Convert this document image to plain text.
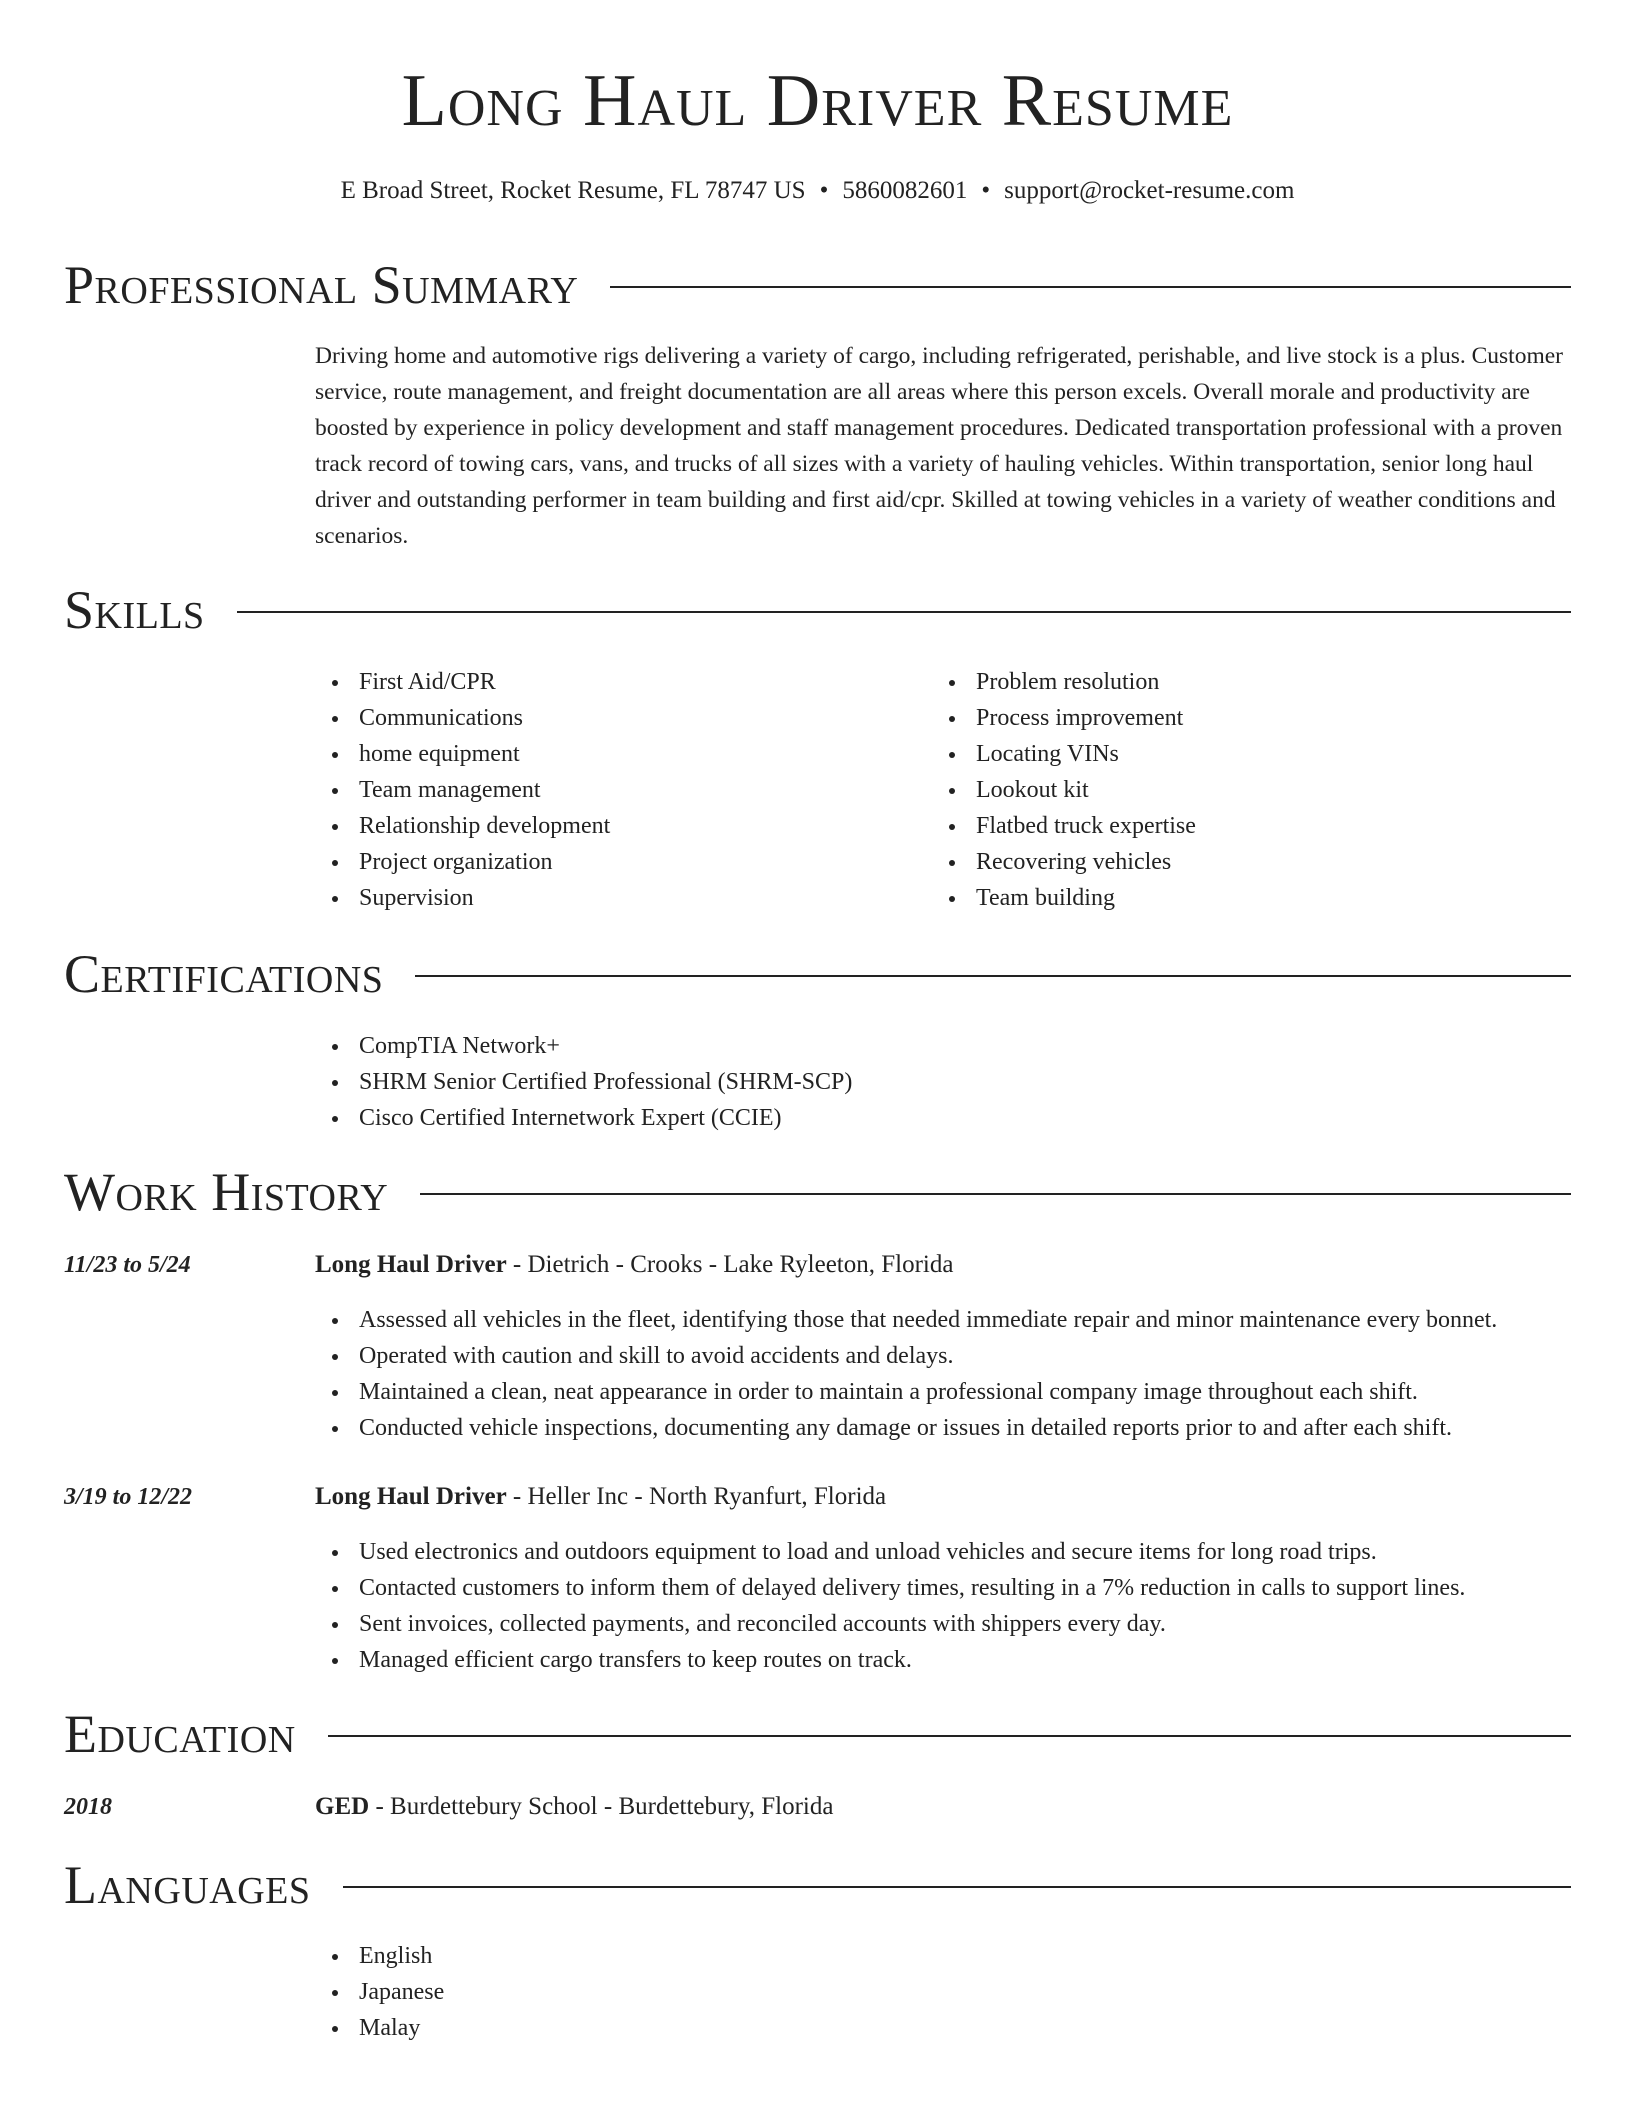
Long Haul Driver Resume
E Broad Street, Rocket Resume, FL 78747 US • 5860082601 • support@rocket-resume.com
Professional Summary

Driving home and automotive rigs delivering a variety of cargo, including refrigerated, perishable, and live stock is a plus. Customer service, route management, and freight documentation are all areas where this person excels. Overall morale and productivity are boosted by experience in policy development and staff management procedures. Dedicated transportation professional with a proven track record of towing cars, vans, and trucks of all sizes with a variety of hauling vehicles. Within transportation, senior long haul driver and outstanding performer in team building and first aid/cpr. Skilled at towing vehicles in a variety of weather conditions and scenarios.

Skills
First Aid/CPR
Communications
home equipment
Team management
Relationship development
Project organization
Supervision
Problem resolution
Process improvement
Locating VINs
Lookout kit
Flatbed truck expertise
Recovering vehicles
Team building
Certifications
CompTIA Network+
SHRM Senior Certified Professional (SHRM-SCP)
Cisco Certified Internetwork Expert (CCIE)
Work History
11/23 to 5/24	Long Haul Driver - Dietrich - Crooks - Lake Ryleeton, Florida
Assessed all vehicles in the fleet, identifying those that needed immediate repair and minor maintenance every bonnet.
Operated with caution and skill to avoid accidents and delays.
Maintained a clean, neat appearance in order to maintain a professional company image throughout each shift.
Conducted vehicle inspections, documenting any damage or issues in detailed reports prior to and after each shift.
3/19 to 12/22	Long Haul Driver - Heller Inc - North Ryanfurt, Florida
Used electronics and outdoors equipment to load and unload vehicles and secure items for long road trips.
Contacted customers to inform them of delayed delivery times, resulting in a 7% reduction in calls to support lines.
Sent invoices, collected payments, and reconciled accounts with shippers every day.
Managed efficient cargo transfers to keep routes on track.
Education
2018	GED - Burdettebury School - Burdettebury, Florida
Languages
English
Japanese
Malay
